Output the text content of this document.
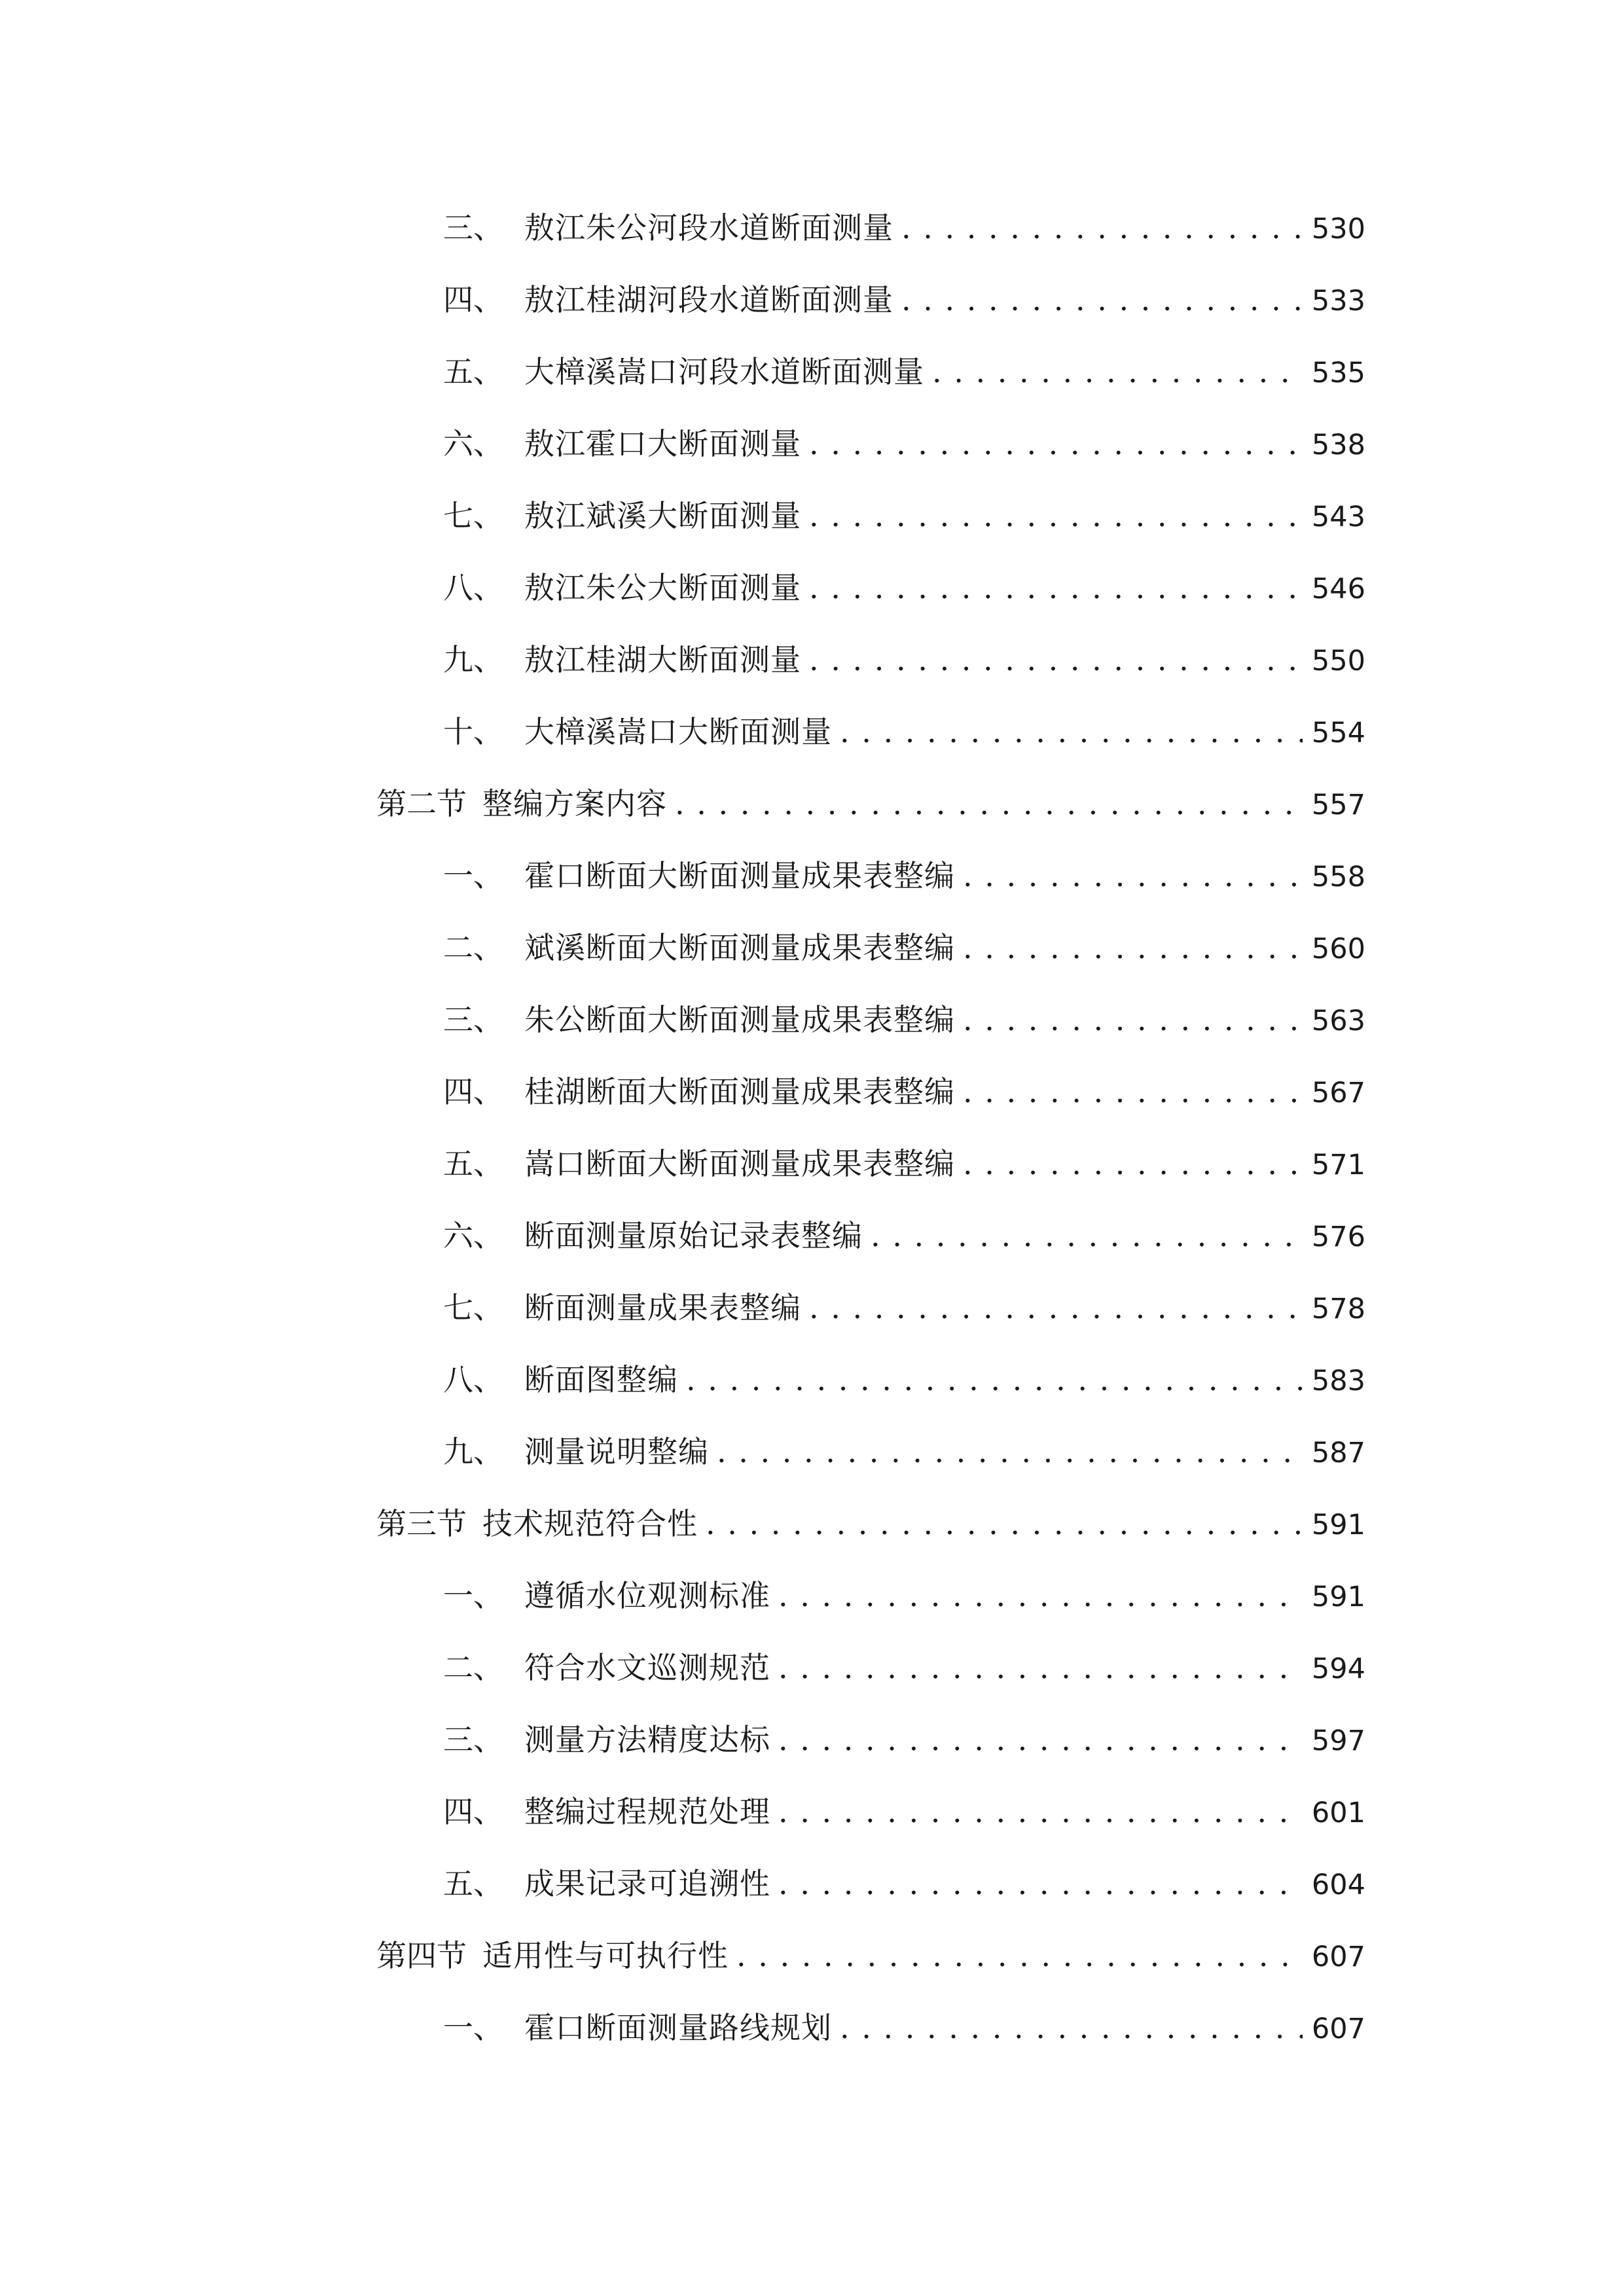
三、 敖江朱公河段水道断面测量 . . .	530
四、 敖江桂湖河段水道断面测量 . . .	533
五、 大樟溪嵩口河段水道断面测量 . . .	535
六、 敖江霍口大断面测量 . . .	538
七、 敖江斌溪大断面测量 . . .	543
八、 敖江朱公大断面测量 . . .	546
九、 敖江桂湖大断面测量 . . .	550
十、 大樟溪嵩口大断面测量 . . .	554
第二节 整编方案内容 . . .	557
一、 霍口断面大断面测量成果表整编 . . .	558
二、 斌溪断面大断面测量成果表整编 . . .	560
三、 朱公断面大断面测量成果表整编 . . .	563
四、 桂湖断面大断面测量成果表整编 . . .	567
五、 嵩口断面大断面测量成果表整编 . . .	571
六、 断面测量原始记录表整编 . . .	576
七、 断面测量成果表整编 . . .	578
八、 断面图整编 . . .	583
九、 测量说明整编 . . .	587
第三节 技术规范符合性 . . .	591
一、 遵循水位观测标准 . . .	591
二、 符合水文巡测规范 . . .	594
三、 测量方法精度达标 . . .	597
四、 整编过程规范处理 . . .	601
五、 成果记录可追溯性 . . .	604
第四节 适用性与可执行性 . . .	607
一、 霍口断面测量路线规划 . . .	607
